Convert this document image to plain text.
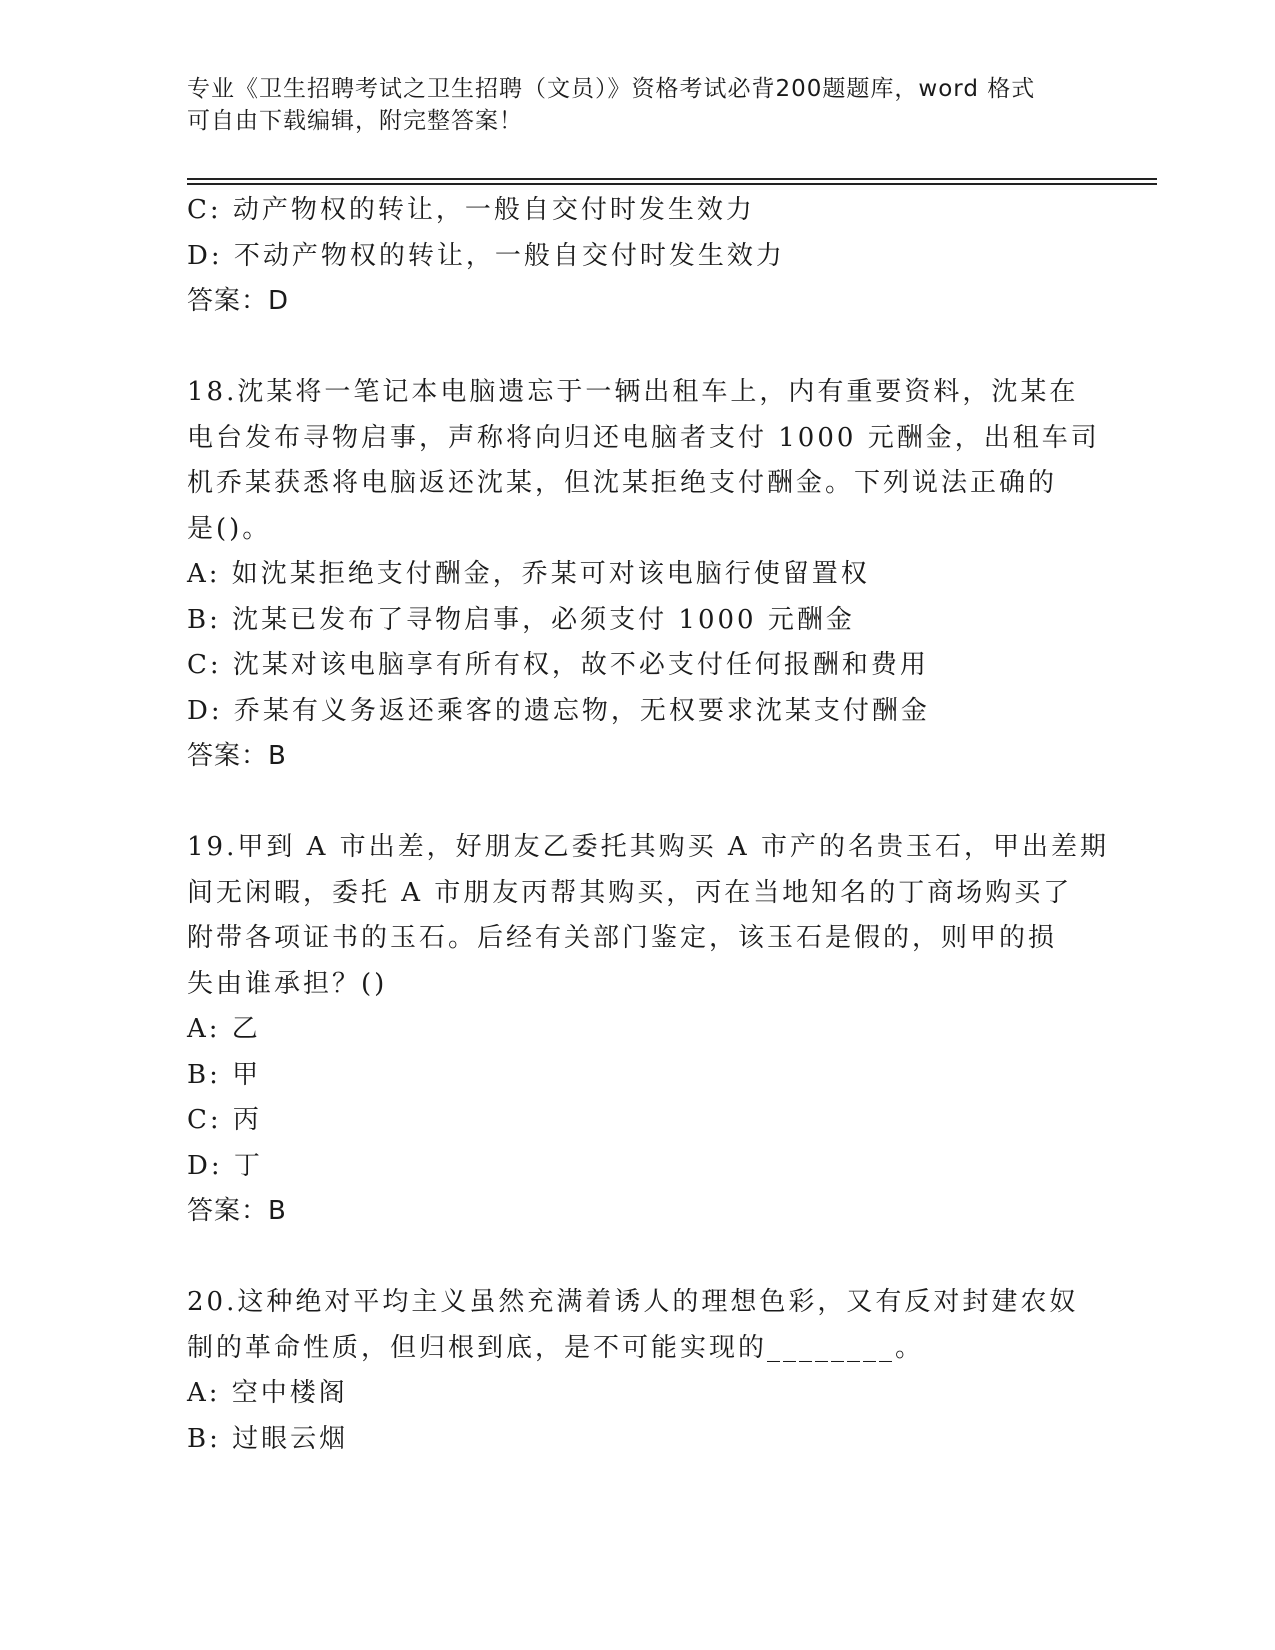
专业《卫生招聘考试之卫生招聘（文员）》资格考试必背200题题库，word 格式
可自由下载编辑，附完整答案！
C: 动产物权的转让，一般自交付时发生效力
D: 不动产物权的转让，一般自交付时发生效力
答案：D
18.沈某将一笔记本电脑遗忘于一辆出租车上，内有重要资料，沈某在
电台发布寻物启事，声称将向归还电脑者支付 1000 元酬金，出租车司
机乔某获悉将电脑返还沈某，但沈某拒绝支付酬金。下列说法正确的
是()。
A: 如沈某拒绝支付酬金，乔某可对该电脑行使留置权
B: 沈某已发布了寻物启事，必须支付 1000 元酬金
C: 沈某对该电脑享有所有权，故不必支付任何报酬和费用
D: 乔某有义务返还乘客的遗忘物，无权要求沈某支付酬金
答案：B
19.甲到 A 市出差，好朋友乙委托其购买 A 市产的名贵玉石，甲出差期
间无闲暇，委托 A 市朋友丙帮其购买，丙在当地知名的丁商场购买了
附带各项证书的玉石。后经有关部门鉴定，该玉石是假的，则甲的损
失由谁承担？()
A: 乙
B: 甲
C: 丙
D: 丁
答案：B
20.这种绝对平均主义虽然充满着诱人的理想色彩，又有反对封建农奴
制的革命性质，但归根到底，是不可能实现的________。
A: 空中楼阁
B: 过眼云烟
